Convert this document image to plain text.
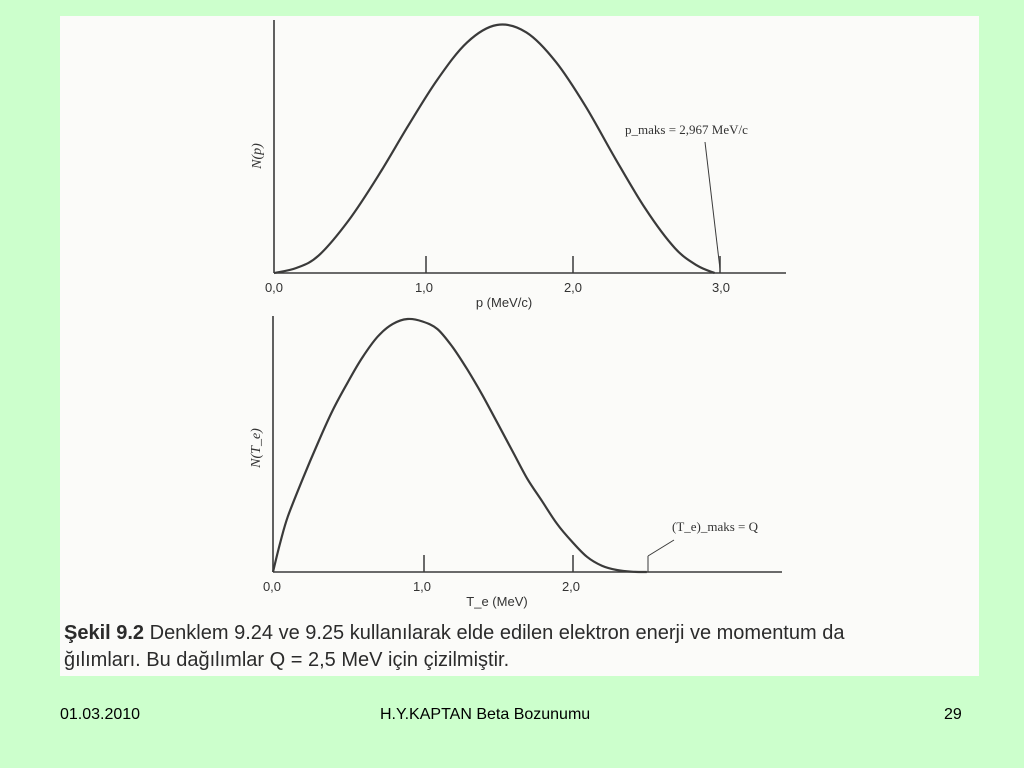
0,0	1,0	2,0	3,0
p (MeV/c)
N(p)
p_maks = 2,967 MeV/c
0,0	1,0	2,0
T_e (MeV)
N(T_e)
(T_e)_maks = Q
Şekil 9.2 Denklem 9.24 ve 9.25 kullanılarak elde edilen elektron enerji ve momentum da
ğılımları. Bu dağılımlar Q = 2,5 MeV için çizilmiştir.
01.03.2010	H.Y.KAPTAN Beta Bozunumu	29
